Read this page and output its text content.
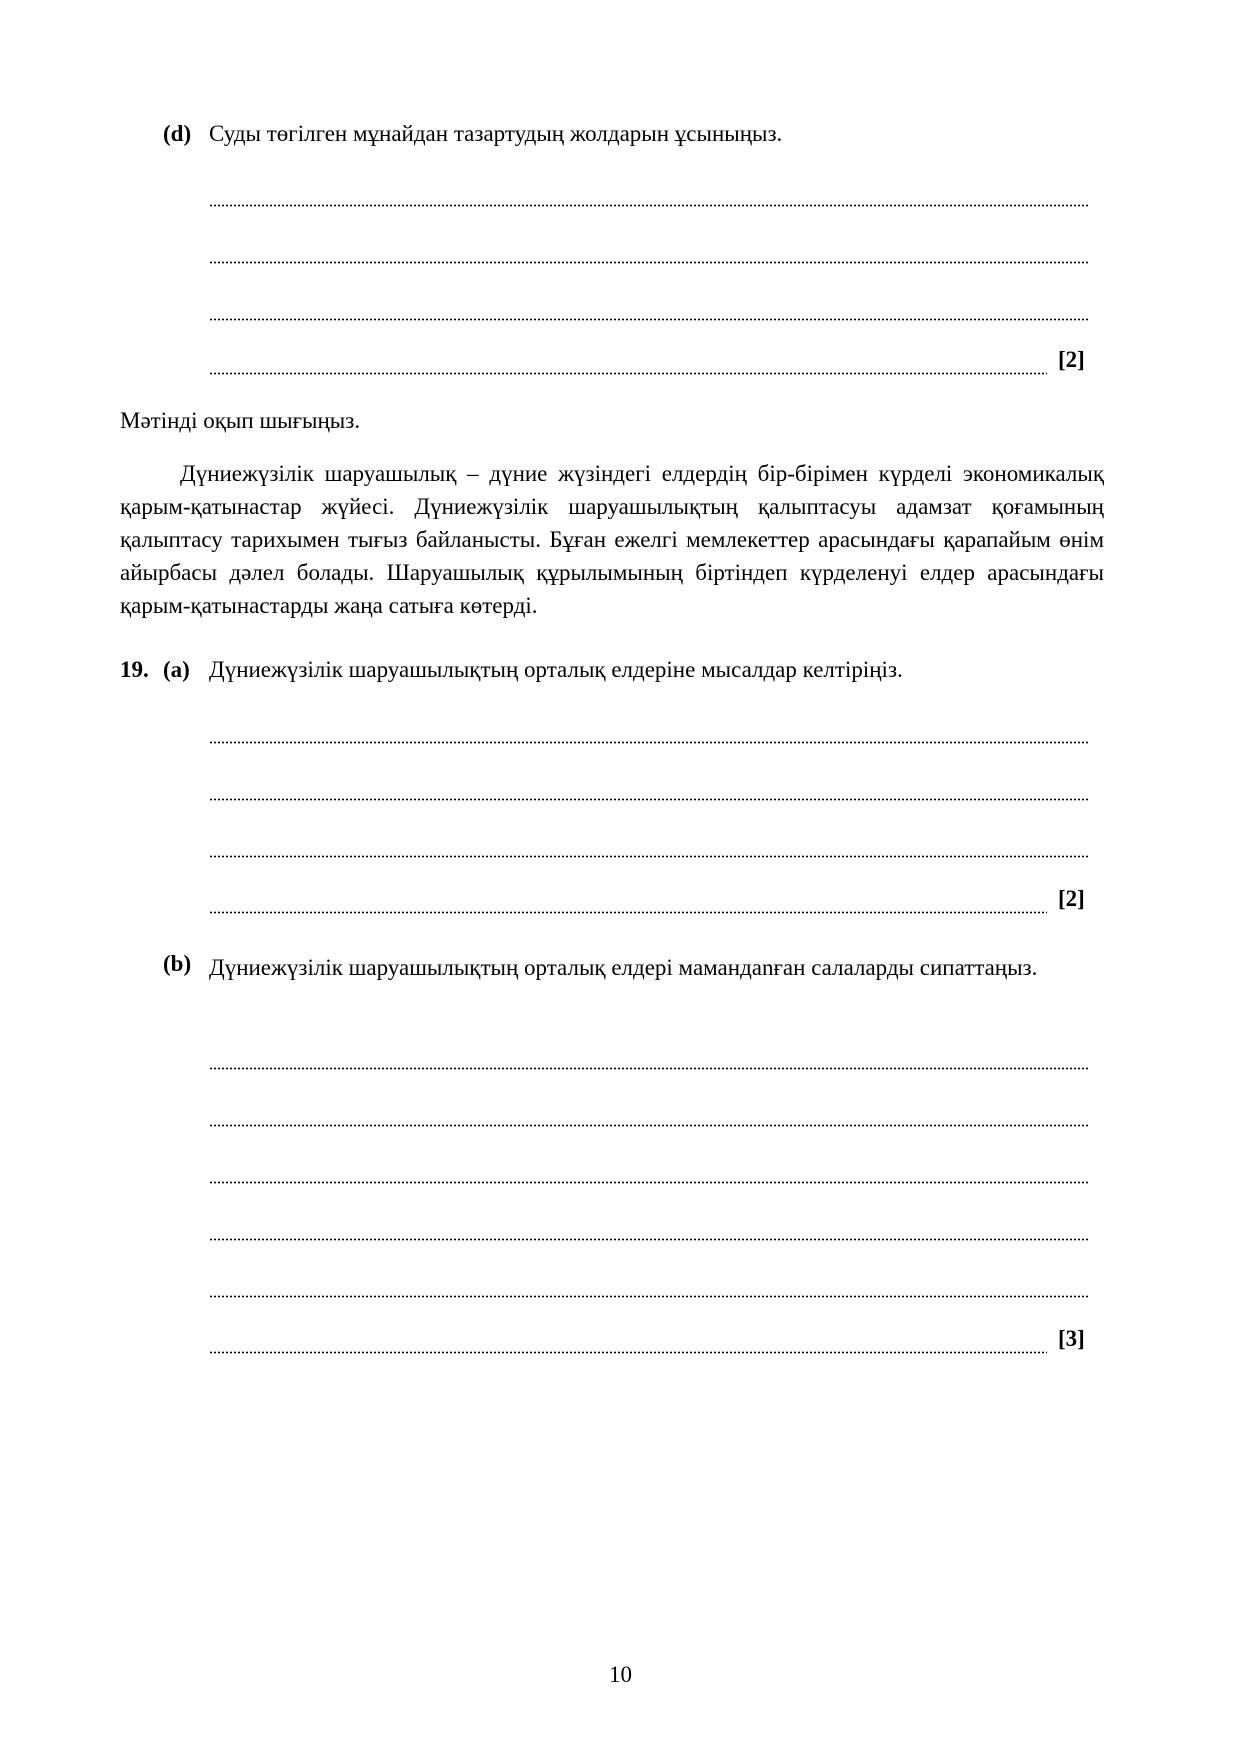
(d) Суды төгілген мұнайдан тазартудың жолдарын ұсыныңыз.
[2]
Мәтінді оқып шығыңыз.
Дүниежүзілік шаруашылық – дүние жүзіндегі елдердің бір-бірімен күрделі экономикалық қарым-қатынастар жүйесі. Дүниежүзілік шаруашылықтың қалыптасуы адамзат қоғамының қалыптасу тарихымен тығыз байланысты. Бұған ежелгі мемлекеттер арасындағы қарапайым өнім айырбасы дәлел болады. Шаруашылық құрылымының біртіндеп күрделенуі елдер арасындағы қарым-қатынастарды жаңа сатыға көтерді.
19. (a) Дүниежүзілік шаруашылықтың орталық елдеріне мысалдар келтіріңіз.
[2]
(b) Дүниежүзілік шаруашылықтың орталық елдері мамандanған салаларды сипаттаңыз.
[3]
10
